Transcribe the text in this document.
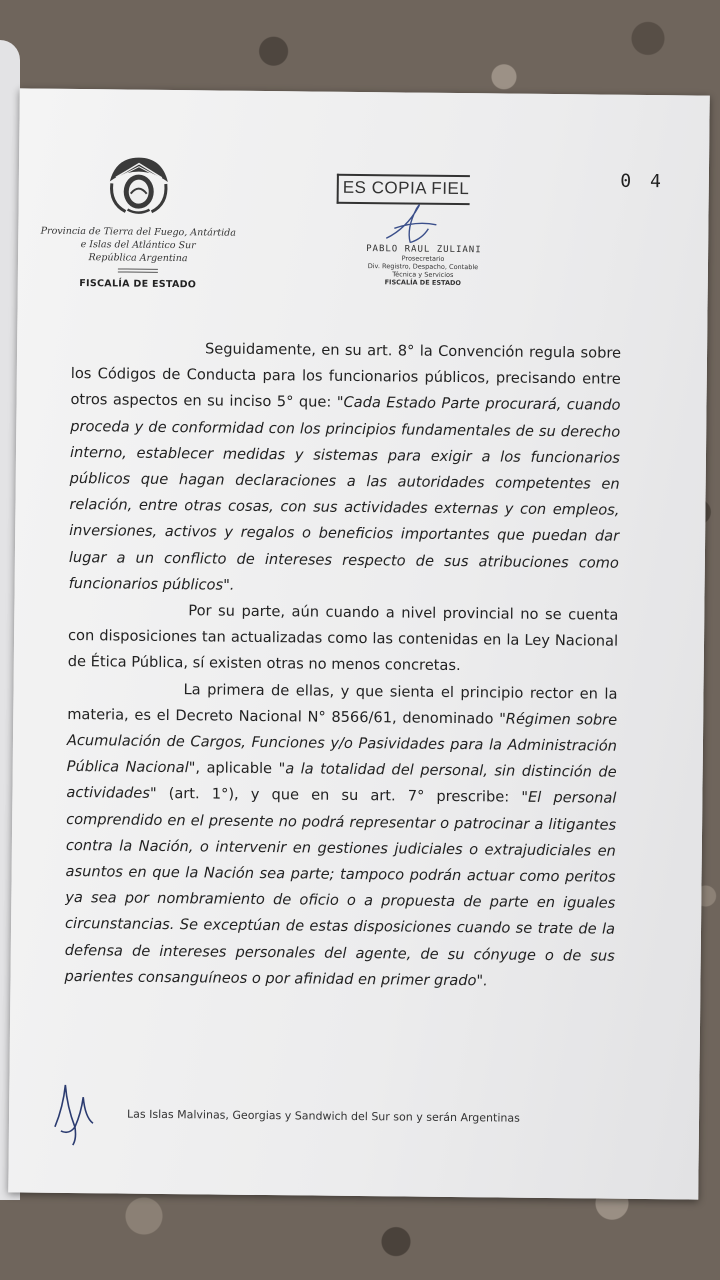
0 4
Provincia de Tierra del Fuego, Antártida
e Islas del Atlántico Sur
República Argentina
FISCALÍA DE ESTADO
ES COPIA FIEL
PABLO RAUL ZULIANI
Prosecretario
Div. Registro, Despacho, Contable
Técnica y Servicios
FISCALÍA DE ESTADO

Seguidamente, en su art. 8° la Convención regula sobre los Códigos de Conducta para los funcionarios públicos, precisando entre otros aspectos en su inciso 5° que: "Cada Estado Parte procurará, cuando proceda y de conformidad con los principios fundamentales de su derecho interno, establecer medidas y sistemas para exigir a los funcionarios públicos que hagan declaraciones a las autoridades competentes en relación, entre otras cosas, con sus actividades externas y con empleos, inversiones, activos y regalos o beneficios importantes que puedan dar lugar a un conflicto de intereses respecto de sus atribuciones como funcionarios públicos".

Por su parte, aún cuando a nivel provincial no se cuenta con disposiciones tan actualizadas como las contenidas en la Ley Nacional de Ética Pública, sí existen otras no menos concretas.

La primera de ellas, y que sienta el principio rector en la materia, es el Decreto Nacional N° 8566/61, denominado "Régimen sobre Acumulación de Cargos, Funciones y/o Pasividades para la Administración Pública Nacional", aplicable "a la totalidad del personal, sin distinción de actividades" (art. 1°), y que en su art. 7° prescribe: "El personal comprendido en el presente no podrá representar o patrocinar a litigantes contra la Nación, o intervenir en gestiones judiciales o extrajudiciales en asuntos en que la Nación sea parte; tampoco podrán actuar como peritos ya sea por nombramiento de oficio o a propuesta de parte en iguales circunstancias. Se exceptúan de estas disposiciones cuando se trate de la defensa de intereses personales del agente, de su cónyuge o de sus parientes consanguíneos o por afinidad en primer grado".

Las Islas Malvinas, Georgias y Sandwich del Sur son y serán Argentinas
